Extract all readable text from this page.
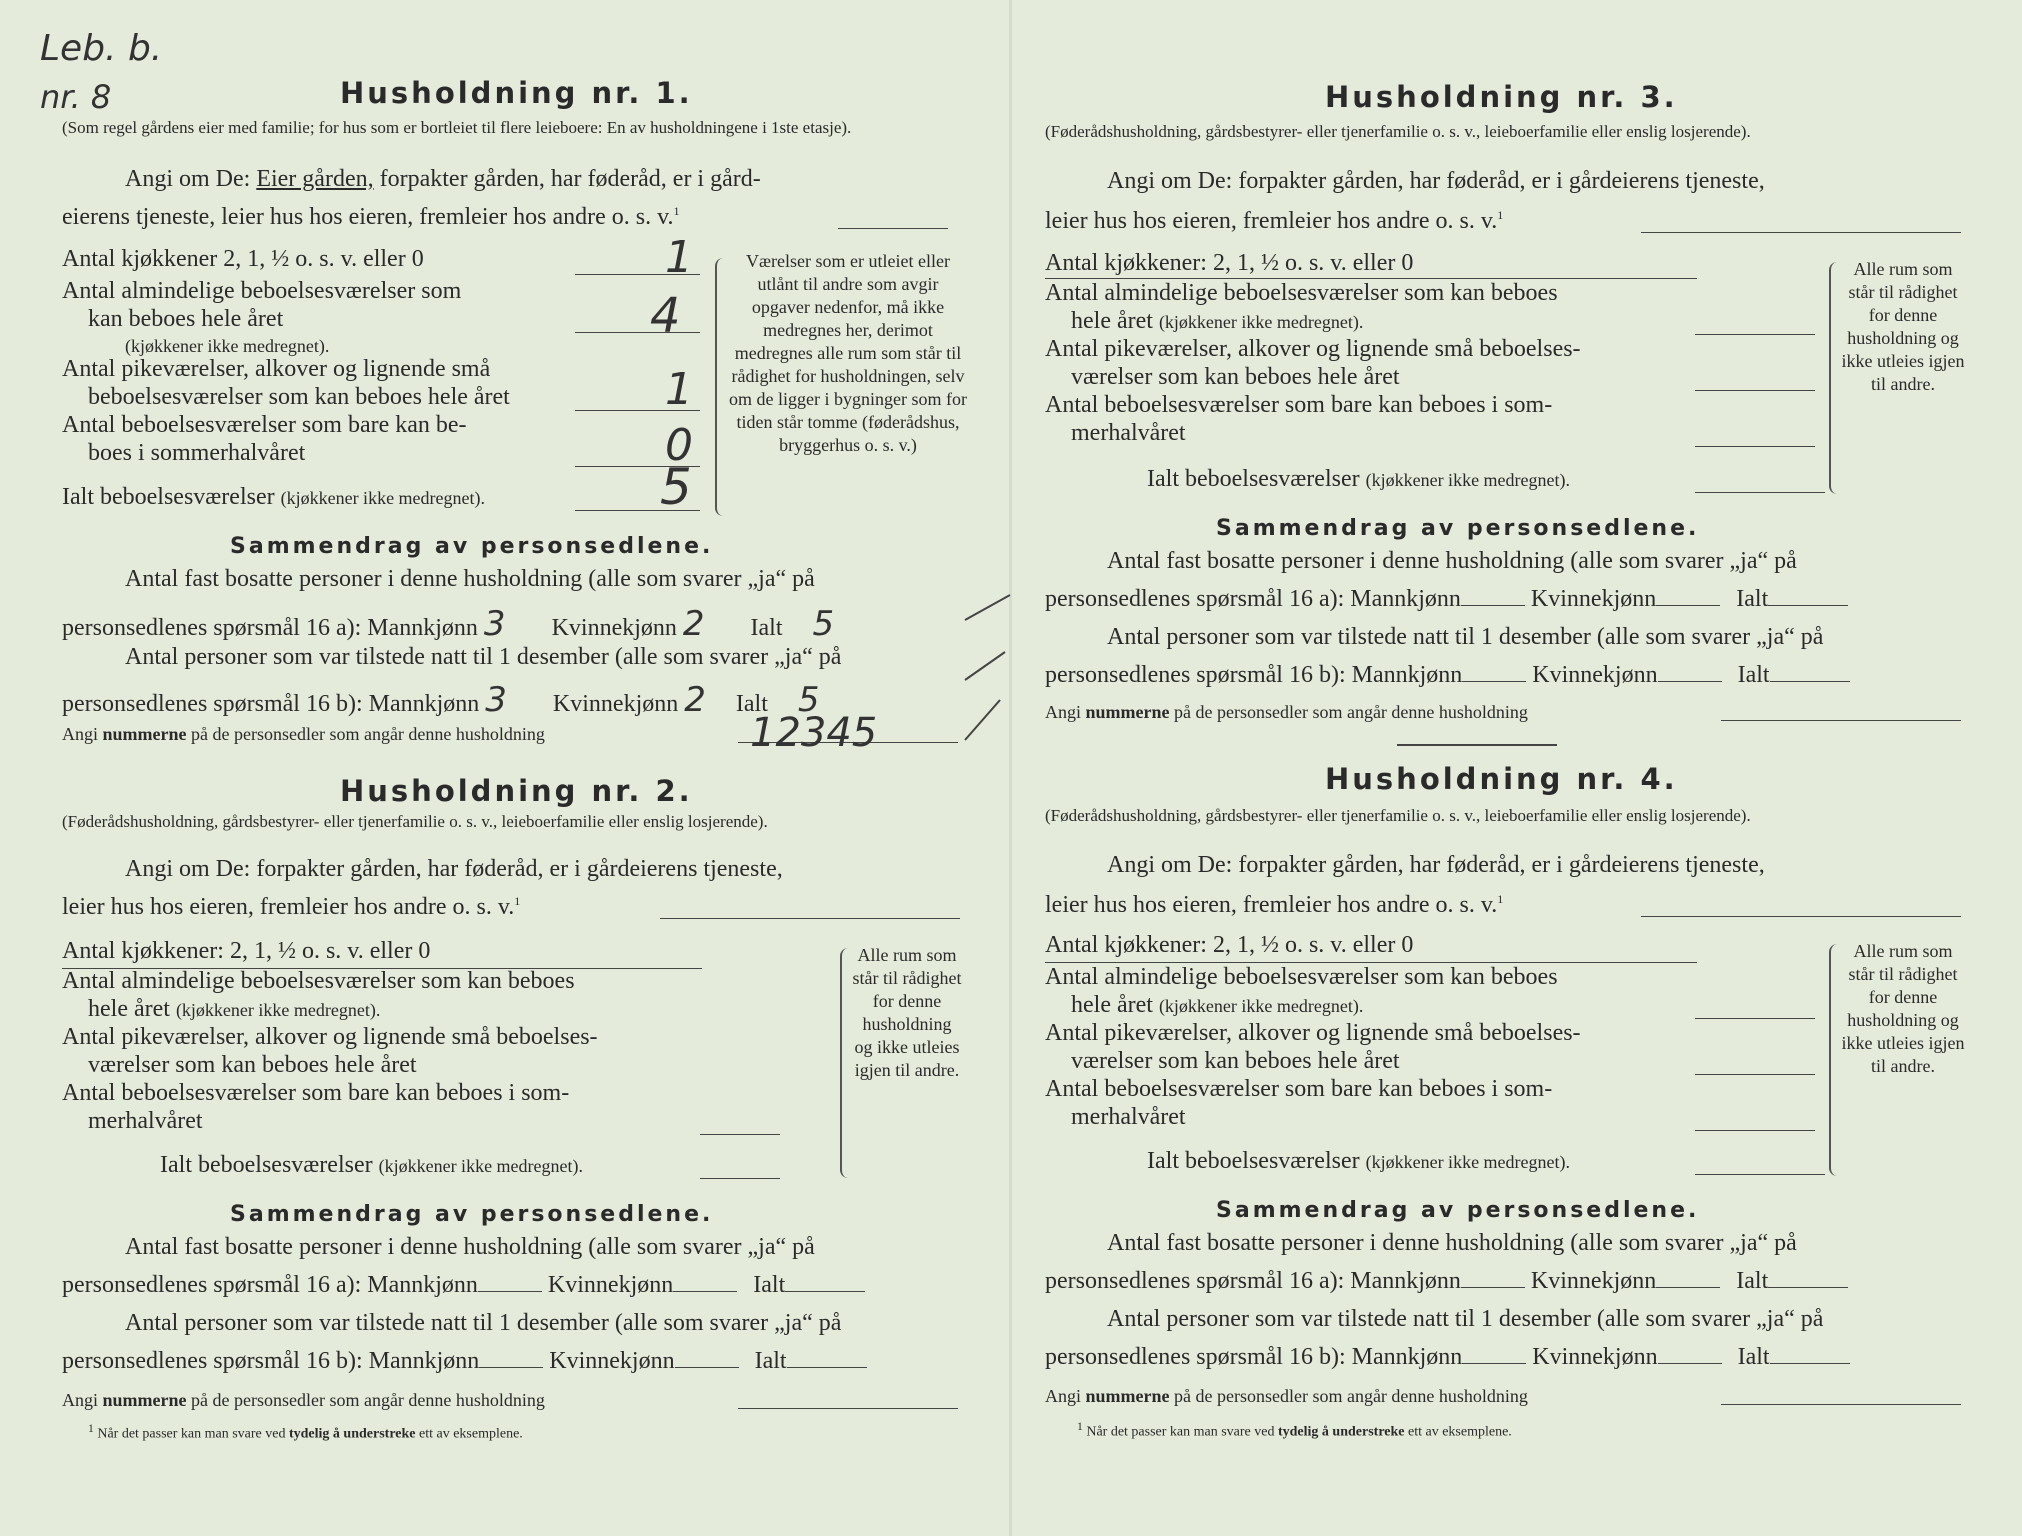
Leb. b.
nr. 8	Husholdning nr. 1.
(Som regel gårdens eier med familie; for hus som er bortleiet til flere leieboere: En av husholdningene i 1ste etasje).
Angi om De: Eier gården, forpakter gården, har føderåd, er i gård-
eierens tjeneste, leier hus hos eieren, fremleier hos andre o. s. v.$^1$
Antal kjøkkener 2, 1, ½ o. s. v. eller 0	1
Antal almindelige beboelsesværelser som
kan beboes hele året
(kjøkkener ikke medregnet).
4
Antal pikeværelser, alkover og lignende små
beboelsesværelser som kan beboes hele året	1
Antal beboelsesværelser som bare kan be-
boes i sommerhalvåret	0
Ialt beboelsesværelser (kjøkkener ikke medregnet).	5
Værelser som er utleiet eller utlånt til andre som avgir opgaver nedenfor, må ikke medregnes her, derimot medregnes alle rum som står til rådighet for husholdningen, selv om de ligger i bygninger som for tiden står tomme (føderådshus, bryggerhus o. s. v.)
Sammendrag av personsedlene.
Antal fast bosatte personer i denne husholdning (alle som svarer „ja“ på
personsedlenes spørsmål 16 a): Mannkjønn 3 Kvinnekjønn 2 Ialt 5
Antal personer som var tilstede natt til 1 desember (alle som svarer „ja“ på
personsedlenes spørsmål 16 b): Mannkjønn 3 Kvinnekjønn 2 Ialt 5
Angi nummerne på de personsedler som angår denne husholdning	12345
Husholdning nr. 2.
(Føderådshusholdning, gårdsbestyrer- eller tjenerfamilie o. s. v., leieboerfamilie eller enslig losjerende).
Angi om De: forpakter gården, har føderåd, er i gårdeierens tjeneste,
leier hus hos eieren, fremleier hos andre o. s. v.$^1$
Antal kjøkkener: 2, 1, ½ o. s. v. eller 0
Antal almindelige beboelsesværelser som kan beboes
hele året (kjøkkener ikke medregnet).
Antal pikeværelser, alkover og lignende små beboelses-
værelser som kan beboes hele året
Antal beboelsesværelser som bare kan beboes i som-
merhalvåret
Ialt beboelsesværelser (kjøkkener ikke medregnet).
Alle rum som står til rådighet for denne husholdning og ikke utleies igjen til andre.
Sammendrag av personsedlene.
Antal fast bosatte personer i denne husholdning (alle som svarer „ja“ på
personsedlenes spørsmål 16 a): Mannkjønn	Kvinnekjønn	Ialt
Antal personer som var tilstede natt til 1 desember (alle som svarer „ja“ på
personsedlenes spørsmål 16 b): Mannkjønn	Kvinnekjønn	Ialt
Angi nummerne på de personsedler som angår denne husholdning
$^1$ Når det passer kan man svare ved tydelig å understreke ett av eksemplene.
Husholdning nr. 3.
(Føderådshusholdning, gårdsbestyrer- eller tjenerfamilie o. s. v., leieboerfamilie eller enslig losjerende).
Angi om De: forpakter gården, har føderåd, er i gårdeierens tjeneste,
leier hus hos eieren, fremleier hos andre o. s. v.$^1$
Antal kjøkkener: 2, 1, ½ o. s. v. eller 0
Antal almindelige beboelsesværelser som kan beboes
hele året (kjøkkener ikke medregnet).
Antal pikeværelser, alkover og lignende små beboelses-
værelser som kan beboes hele året
Antal beboelsesværelser som bare kan beboes i som-
merhalvåret
Ialt beboelsesværelser (kjøkkener ikke medregnet).
Alle rum som står til rådighet for denne husholdning og ikke utleies igjen til andre.
Sammendrag av personsedlene.
Antal fast bosatte personer i denne husholdning (alle som svarer „ja“ på
personsedlenes spørsmål 16 a): Mannkjønn	Kvinnekjønn	Ialt
Antal personer som var tilstede natt til 1 desember (alle som svarer „ja“ på
personsedlenes spørsmål 16 b): Mannkjønn	Kvinnekjønn	Ialt
Angi nummerne på de personsedler som angår denne husholdning
Husholdning nr. 4.
(Føderådshusholdning, gårdsbestyrer- eller tjenerfamilie o. s. v., leieboerfamilie eller enslig losjerende).
Angi om De: forpakter gården, har føderåd, er i gårdeierens tjeneste,
leier hus hos eieren, fremleier hos andre o. s. v.$^1$
Antal kjøkkener: 2, 1, ½ o. s. v. eller 0
Antal almindelige beboelsesværelser som kan beboes
hele året (kjøkkener ikke medregnet).
Antal pikeværelser, alkover og lignende små beboelses-
værelser som kan beboes hele året
Antal beboelsesværelser som bare kan beboes i som-
merhalvåret
Ialt beboelsesværelser (kjøkkener ikke medregnet).
Alle rum som står til rådighet for denne husholdning og ikke utleies igjen til andre.
Sammendrag av personsedlene.
Antal fast bosatte personer i denne husholdning (alle som svarer „ja“ på
personsedlenes spørsmål 16 a): Mannkjønn	Kvinnekjønn	Ialt
Antal personer som var tilstede natt til 1 desember (alle som svarer „ja“ på
personsedlenes spørsmål 16 b): Mannkjønn	Kvinnekjønn	Ialt
Angi nummerne på de personsedler som angår denne husholdning
$^1$ Når det passer kan man svare ved tydelig å understreke ett av eksemplene.
